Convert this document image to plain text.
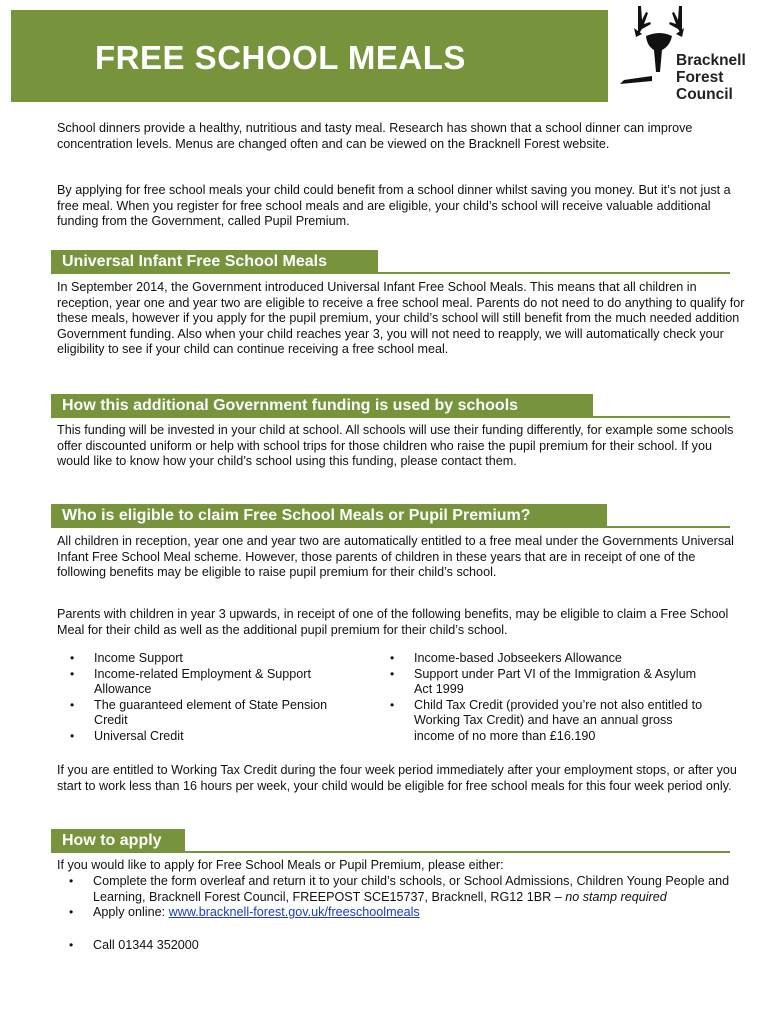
FREE SCHOOL MEALS	Bracknell
Forest
Council

School dinners provide a healthy, nutritious and tasty meal. Research has shown that a school dinner can improve concentration levels. Menus are changed often and can be viewed on the Bracknell Forest website.

By applying for free school meals your child could benefit from a school dinner whilst saving you money. But it’s not just a free meal. When you register for free school meals and are eligible, your child’s school will receive valuable additional funding from the Government, called Pupil Premium.

Universal Infant Free School Meals

In September 2014, the Government introduced Universal Infant Free School Meals. This means that all children in reception, year one and year two are eligible to receive a free school meal. Parents do not need to do anything to qualify for these meals, however if you apply for the pupil premium, your child’s school will still benefit from the much needed addition Government funding. Also when your child reaches year 3, you will not need to reapply, we will automatically check your eligibility to see if your child can continue receiving a free school meal.

How this additional Government funding is used by schools

This funding will be invested in your child at school. All schools will use their funding differently, for example some schools offer discounted uniform or help with school trips for those children who raise the pupil premium for their school. If you would like to know how your child’s school using this funding, please contact them.

Who is eligible to claim Free School Meals or Pupil Premium?

All children in reception, year one and year two are automatically entitled to a free meal under the Governments Universal Infant Free School Meal scheme. However, those parents of children in these years that are in receipt of one of the following benefits may be eligible to raise pupil premium for their child’s school.

Parents with children in year 3 upwards, in receipt of one of the following benefits, may be eligible to claim a Free School Meal for their child as well as the additional pupil premium for their child’s school.

• Income Support
• Income-related Employment & Support Allowance
• The guaranteed element of State Pension Credit
• Universal Credit
• Income-based Jobseekers Allowance
• Support under Part VI of the Immigration & Asylum Act 1999
• Child Tax Credit (provided you’re not also entitled to Working Tax Credit) and have an annual gross income of no more than £16.190

If you are entitled to Working Tax Credit during the four week period immediately after your employment stops, or after you start to work less than 16 hours per week, your child would be eligible for free school meals for this four week period only.

How to apply

If you would like to apply for Free School Meals or Pupil Premium, please either:

• Complete the form overleaf and return it to your child’s schools, or School Admissions, Children Young People and Learning, Bracknell Forest Council, FREEPOST SCE15737, Bracknell, RG12 1BR – no stamp required
• Apply online: www.bracknell-forest.gov.uk/freeschoolmeals
• Call 01344 352000
